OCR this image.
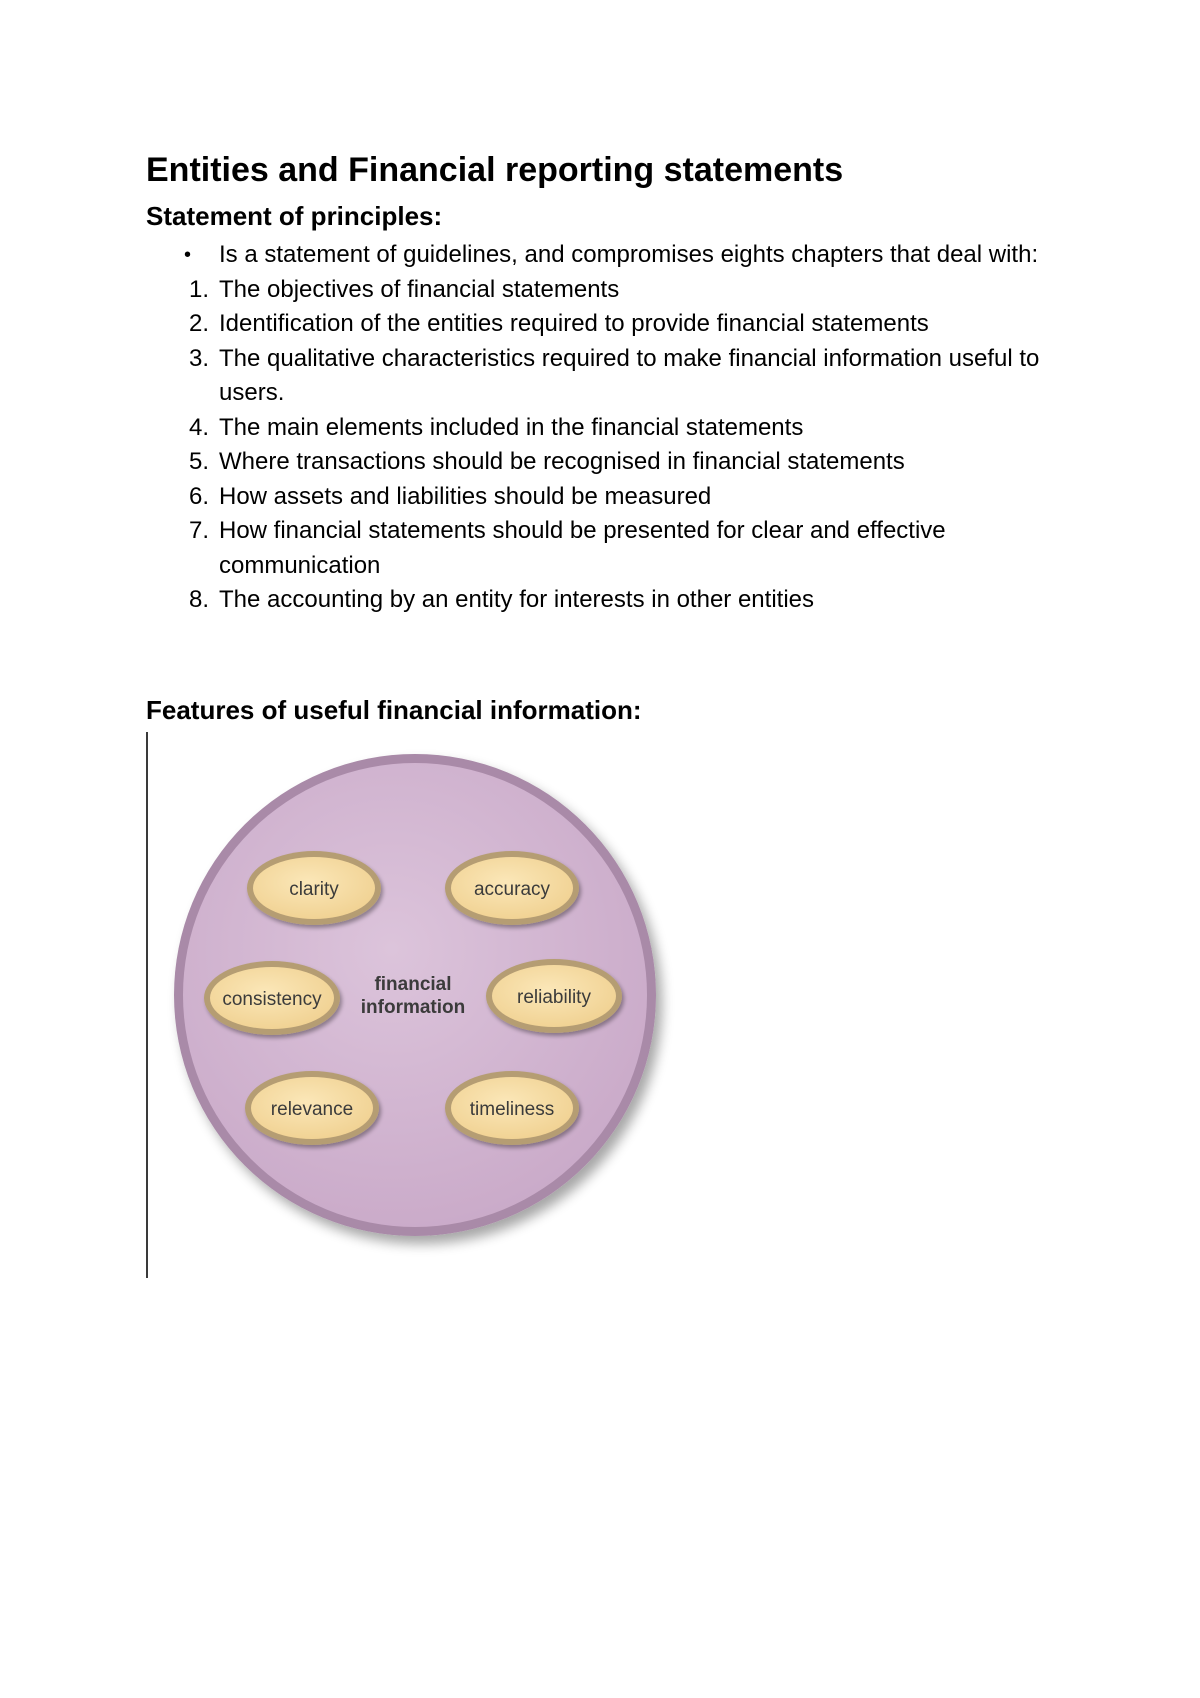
Entities and Financial reporting statements
Statement of principles:
•	Is a statement of guidelines, and compromises eights chapters that deal with:
1. The objectives of financial statements
2. Identification of the entities required to provide financial statements
3. The qualitative characteristics required to make financial information useful to users.
4. The main elements included in the financial statements
5. Where transactions should be recognised in financial statements
6. How assets and liabilities should be measured
7. How financial statements should be presented for clear and effective communication
8. The accounting by an entity for interests in other entities
Features of useful financial information:
financial
information
clarity	accuracy
consistency	reliability
relevance	timeliness
